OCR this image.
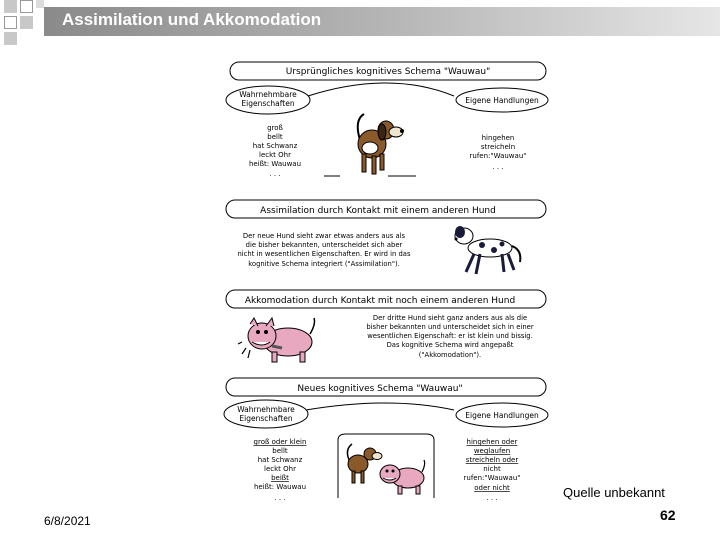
Assimilation und Akkomodation
Ursprüngliches kognitives Schema "Wauwau"
Wahrnehmbare
Eigenschaften	Eigene Handlungen
groß
bellt
hat Schwanz
leckt Ohr
heißt: Wauwau
. . .
hingehen
streicheln
rufen:"Wauwau"
. . .
Assimilation durch Kontakt mit einem anderen Hund
Der neue Hund sieht zwar etwas anders aus als
die bisher bekannten, unterscheidet sich aber
nicht in wesentlichen Eigenschaften. Er wird in das
kognitive Schema integriert ("Assimilation").
Akkomodation durch Kontakt mit noch einem anderen Hund
Der dritte Hund sieht ganz anders aus als die
bisher bekannten und unterscheidet sich in einer
wesentlichen Eigenschaft: er ist klein und bissig.
Das kognitive Schema wird angepaßt
("Akkomodation").
Neues kognitives Schema "Wauwau"
Wahrnehmbare
Eigenschaften	Eigene Handlungen
groß oder klein
bellt
hat Schwanz
leckt Ohr
beißt
heißt: Wauwau
. . .
hingehen oder
weglaufen
streicheln oder
nicht
rufen:"Wauwau"
oder nicht
. . .	Quelle unbekannt
6/8/2021	62
